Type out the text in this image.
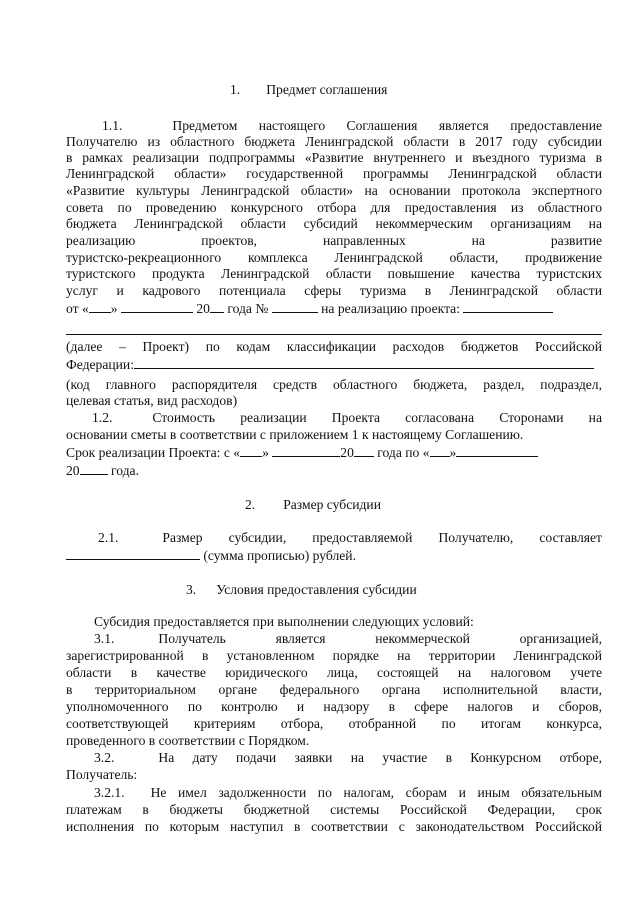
1. Предмет соглашения
1.1.	Предметом настоящего Соглашения является предоставление
Получателю из областного бюджета Ленинградской области в 2017 году субсидии
в рамках реализации подпрограммы «Развитие внутреннего и въездного туризма в
Ленинградской области» государственной программы Ленинградской области
«Развитие культуры Ленинградской области» на основании протокола экспертного
совета по проведению конкурсного отбора для предоставления из областного
бюджета Ленинградской области субсидий некоммерческим организациям на
реализацию проектов, направленных на развитие
туристско-рекреационного комплекса Ленинградской области, продвижение
туристского продукта Ленинградской области повышение качества туристских
услуг и кадрового потенциала сферы туризма в Ленинградской области
от « »	20 года №	на реализацию проекта:
(далее – Проект) по кодам классификации расходов бюджетов Российской
Федерации:
(код главного распорядителя средств областного бюджета, раздел, подраздел,
целевая статья, вид расходов)
1.2.	Стоимость реализации Проекта согласована Сторонами на
основании сметы в соответствии с приложением 1 к настоящему Соглашению.
Срок реализации Проекта: с « »	20 года по « »
20 года.
2. Размер субсидии
2.1.	Размер субсидии, предоставляемой Получателю, составляет
(сумма прописью) рублей.
3. Условия предоставления субсидии
Субсидия предоставляется при выполнении следующих условий:
3.1.	Получатель является некоммерческой организацией,
зарегистрированной в установленном порядке на территории Ленинградской
области в качестве юридического лица, состоящей на налоговом учете
в территориальном органе федерального органа исполнительной власти,
уполномоченного по контролю и надзору в сфере налогов и сборов,
соответствующей критериям отбора, отобранной по итогам конкурса,
проведенного в соответствии с Порядком.
3.2.	На дату подачи заявки на участие в Конкурсном отборе,
Получатель:
3.2.1. Не имел задолженности по налогам, сборам и иным обязательным
платежам в бюджеты бюджетной системы Российской Федерации, срок
исполнения по которым наступил в соответствии с законодательством Российской
